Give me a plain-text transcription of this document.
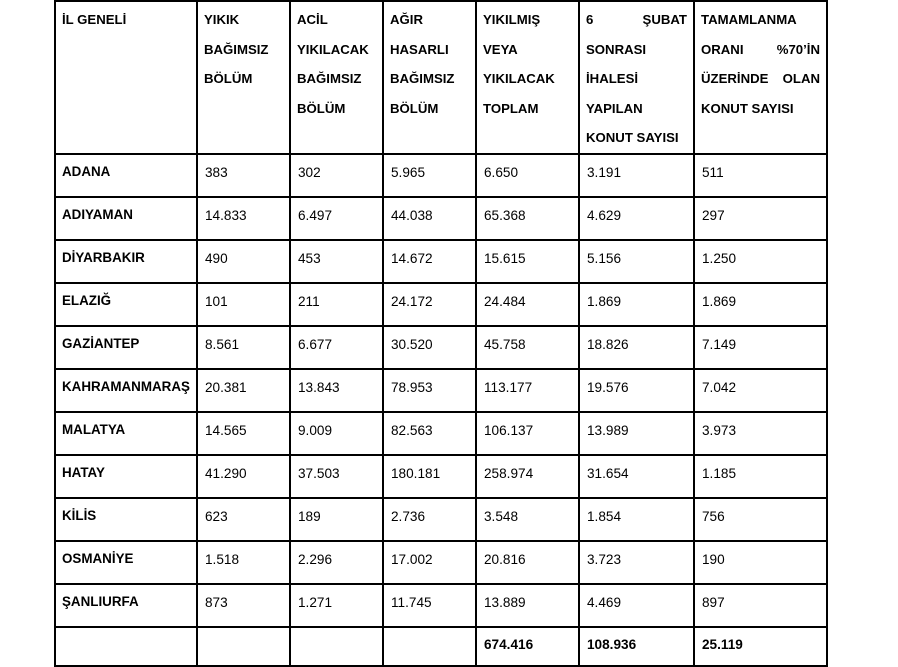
İL GENELİ	YIKIK BAĞIMSIZ BÖLÜM	ACİL YIKILACAK BAĞIMSIZ BÖLÜM	AĞIR HASARLI BAĞIMSIZ BÖLÜM	YIKILMIŞ VEYA YIKILACAK TOPLAM	6 ŞUBAT SONRASI İHALESİ YAPILAN KONUT SAYISI	TAMAMLANMA ORANI %70’İN ÜZERİNDE OLAN KONUT SAYISI

ADANA	383	302	5.965	6.650	3.191	511
ADIYAMAN	14.833	6.497	44.038	65.368	4.629	297
DİYARBAKIR	490	453	14.672	15.615	5.156	1.250
ELAZIĞ	101	211	24.172	24.484	1.869	1.869
GAZİANTEP	8.561	6.677	30.520	45.758	18.826	7.149
KAHRAMANMARAŞ	20.381	13.843	78.953	113.177	19.576	7.042
MALATYA	14.565	9.009	82.563	106.137	13.989	3.973
HATAY	41.290	37.503	180.181	258.974	31.654	1.185
KİLİS	623	189	2.736	3.548	1.854	756
OSMANİYE	1.518	2.296	17.002	20.816	3.723	190
ŞANLIURFA	873	1.271	11.745	13.889	4.469	897
				674.416	108.936	25.119
